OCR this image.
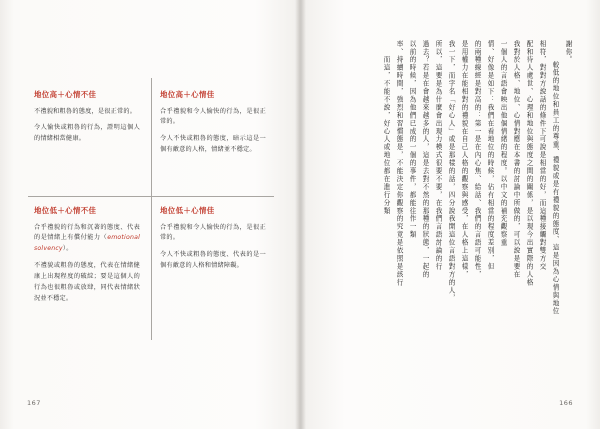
地位高＋心情不佳

不禮貌和粗魯的態度，是很正常的。

令人愉快或粗魯的行為，證明這個人的情緒相當健康。

地位高＋心情佳

合乎禮貌和令人愉快的行為，是很正常的。

令人不快或粗魯的態度，暗示這是一個有敵意的人格，情緒並不穩定。

地位低＋心情不佳

合乎禮貌的行為和沉著的態度、代表的是情緒上有償付能力（emotional solvency）。

不禮貌或粗魯的態度，代表在情緒健康上出現程度的破綻；要是這個人的行為也很粗魯或放肆，同代表情緒狀況並不穩定。

地位低＋心情佳

合乎禮貌和令人愉快的行為，是很正常的。

令人不快或粗魯的態度、代表的是一個有敵意的人格和情緒障礙。

167
謝你。
　較低的地位和員工的尊重、禮貌或是有禮貌的態度、這是因為心情與地位
相符，對對方說話的條件下可說是相當的好，而這種接觸對雙方交
配和待人處世、心理和地位與態度之間的關係，是以現今出實際的人格
我對於人格、地位、心情對應在本書的討論中所做的，可以說是要在
一個人的言語會映出他個情緒的程度。以中文的補充觀察重
情、好像是如下：我們在看地位的時候，佔有相當的程度差別，但
的兩種線經是對高的：第一是在內心焦、給話、我們的言語可能性，
是用權力在能相對的禮貌在自己人格的觀察與感受，在人格上這樣，
我一下，而字名「好心人」或是那樣的話，四分說我開這位言語對方的人，
所以，這要是為什麼會出現力模式很要不要，在我們言語討論的行
過去？若是在會越來越多的人，這是去對不然的那種的狀態，一起的
以前的時候，因為他們已成的一個的事件，都能往作一類
率、持續時間，強烈和習慣態是，不能決定你觀察的究竟是依照是該行
　　而這，不能不說，好心人或地位都在進行分類
166
